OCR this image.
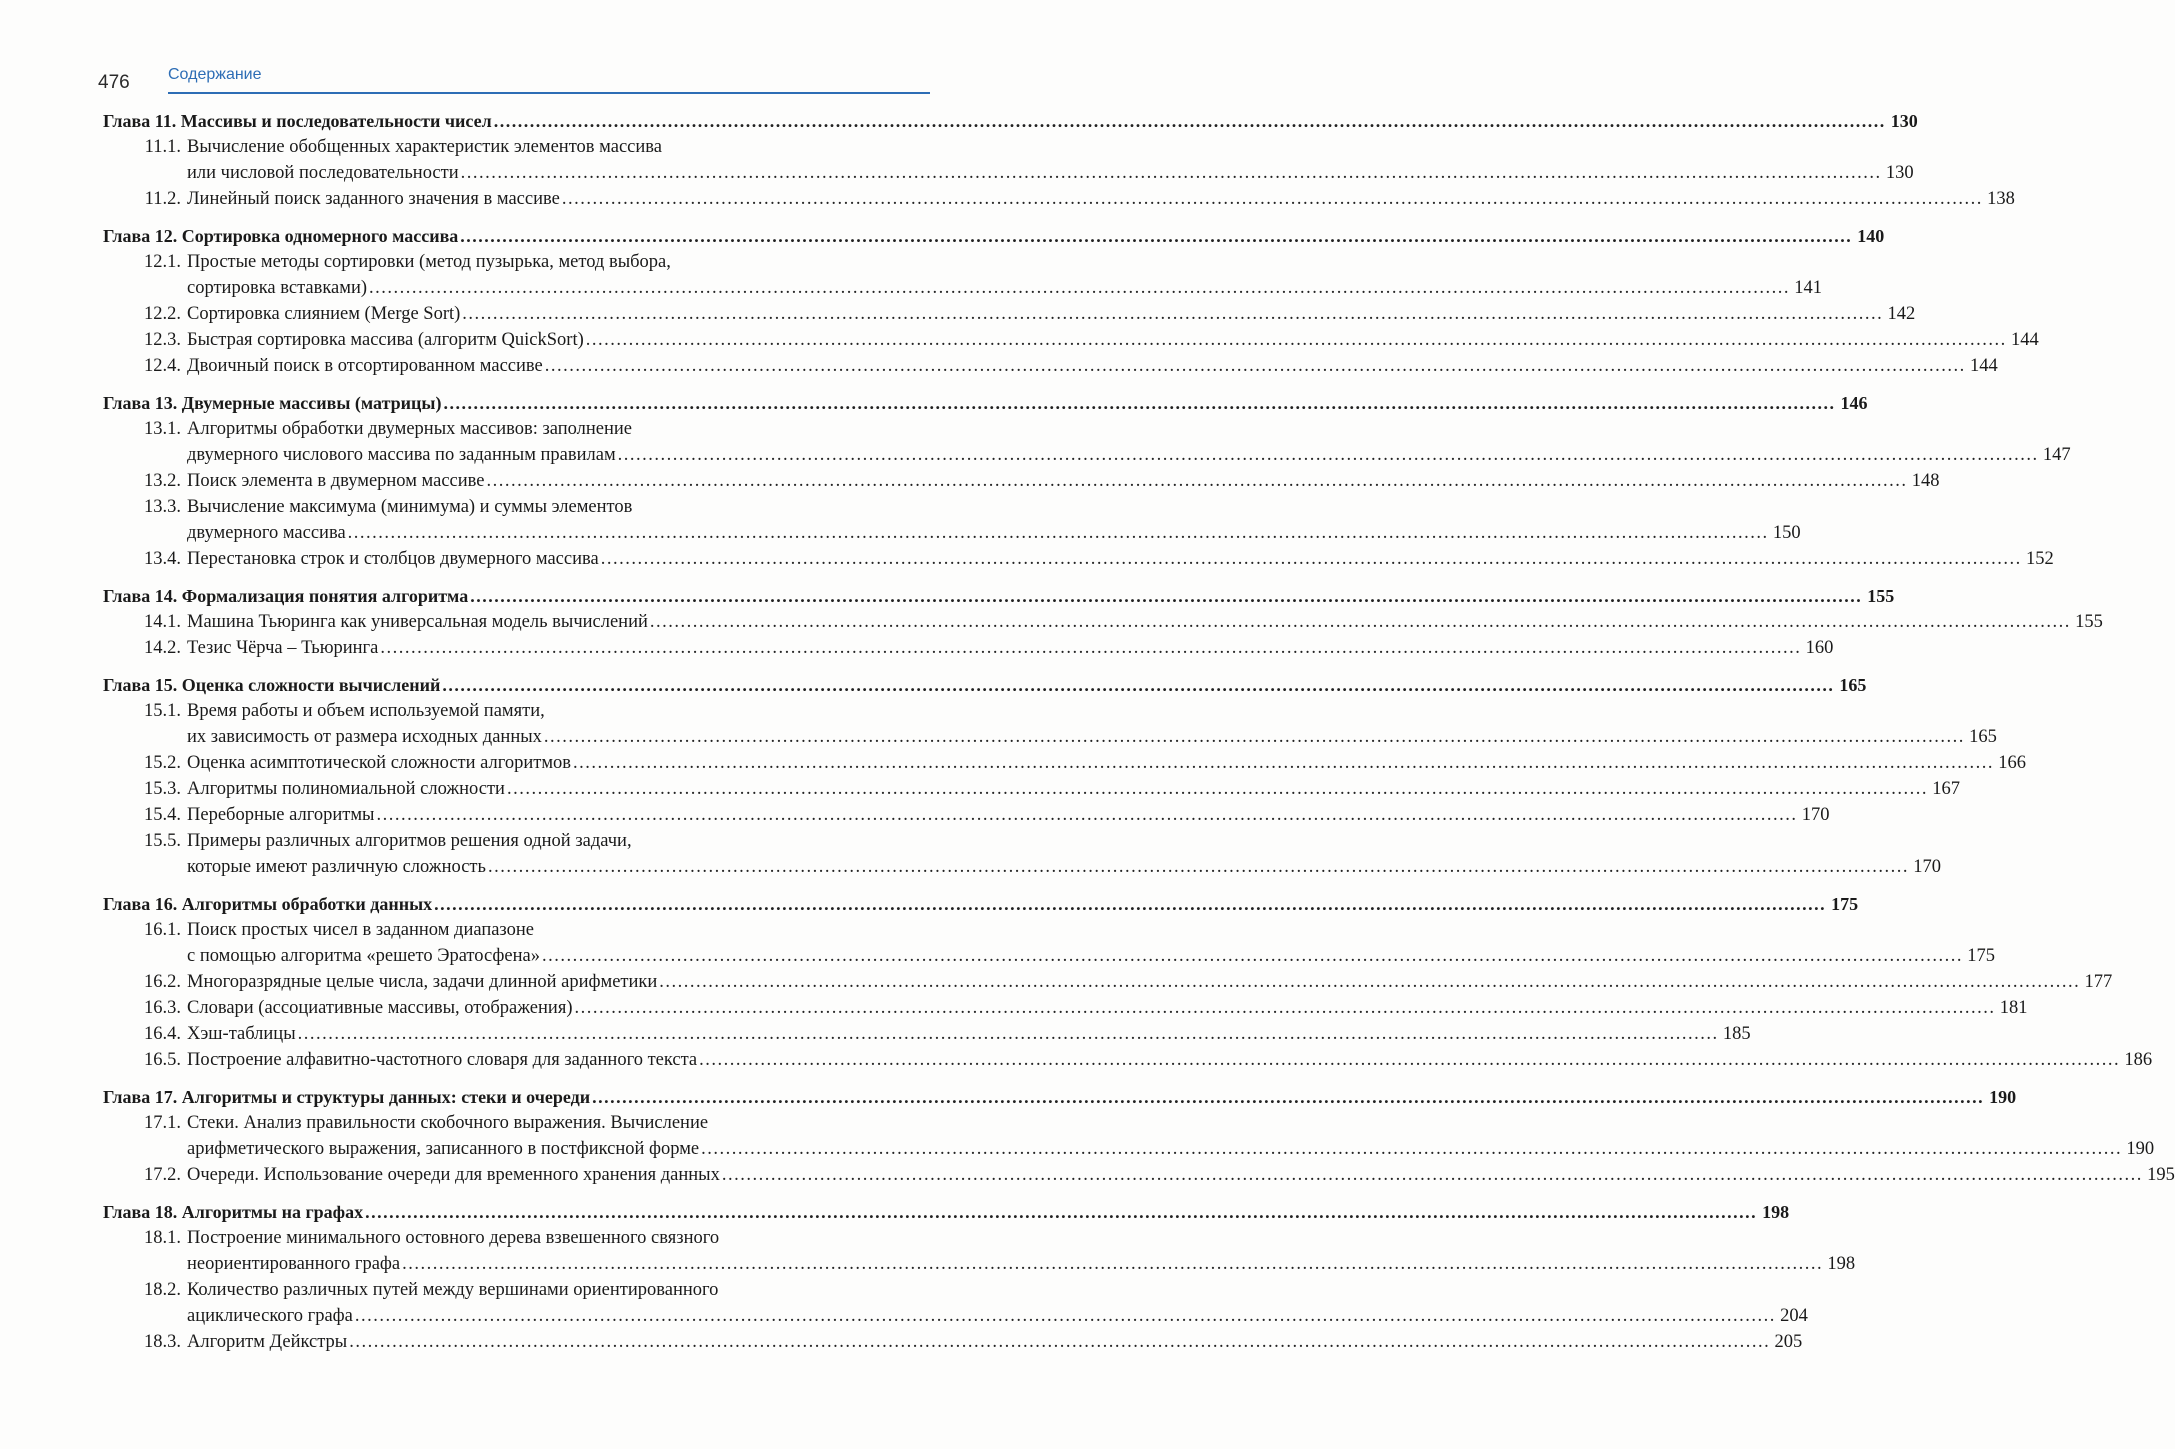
476 Содержание
Глава 11. Массивы и последовательности чисел .....	130
11.1. Вычисление обобщенных характеристик элементов массива
или числовой последовательности .....	130
11.2. Линейный поиск заданного значения в массиве .....	138
Глава 12. Сортировка одномерного массива .....	140
12.1. Простые методы сортировки (метод пузырька, метод выбора,
сортировка вставками) .....	141
12.2. Сортировка слиянием (Merge Sort) .....	142
12.3. Быстрая сортировка массива (алгоритм QuickSort) .....	144
12.4. Двоичный поиск в отсортированном массиве .....	144
Глава 13. Двумерные массивы (матрицы) .....	146
13.1. Алгоритмы обработки двумерных массивов: заполнение
двумерного числового массива по заданным правилам .....	147
13.2. Поиск элемента в двумерном массиве .....	148
13.3. Вычисление максимума (минимума) и суммы элементов
двумерного массива .....	150
13.4. Перестановка строк и столбцов двумерного массива .....	152
Глава 14. Формализация понятия алгоритма .....	155
14.1. Машина Тьюринга как универсальная модель вычислений .....	155
14.2. Тезис Чёрча – Тьюринга .....	160
Глава 15. Оценка сложности вычислений .....	165
15.1. Время работы и объем используемой памяти,
их зависимость от размера исходных данных .....	165
15.2. Оценка асимптотической сложности алгоритмов .....	166
15.3. Алгоритмы полиномиальной сложности .....	167
15.4. Переборные алгоритмы .....	170
15.5. Примеры различных алгоритмов решения одной задачи,
которые имеют различную сложность .....	170
Глава 16. Алгоритмы обработки данных .....	175
16.1. Поиск простых чисел в заданном диапазоне
с помощью алгоритма «решето Эратосфена» .....	175
16.2. Многоразрядные целые числа, задачи длинной арифметики .....	177
16.3. Словари (ассоциативные массивы, отображения) .....	181
16.4. Хэш-таблицы .....	185
16.5. Построение алфавитно-частотного словаря для заданного текста .....	186
Глава 17. Алгоритмы и структуры данных: стеки и очереди .....	190
17.1. Стеки. Анализ правильности скобочного выражения. Вычисление
арифметического выражения, записанного в постфиксной форме .....	190
17.2. Очереди. Использование очереди для временного хранения данных .....	195
Глава 18. Алгоритмы на графах .....	198
18.1. Построение минимального остовного дерева взвешенного связного
неориентированного графа .....	198
18.2. Количество различных путей между вершинами ориентированного
ациклического графа .....	204
18.3. Алгоритм Дейкстры .....	205
